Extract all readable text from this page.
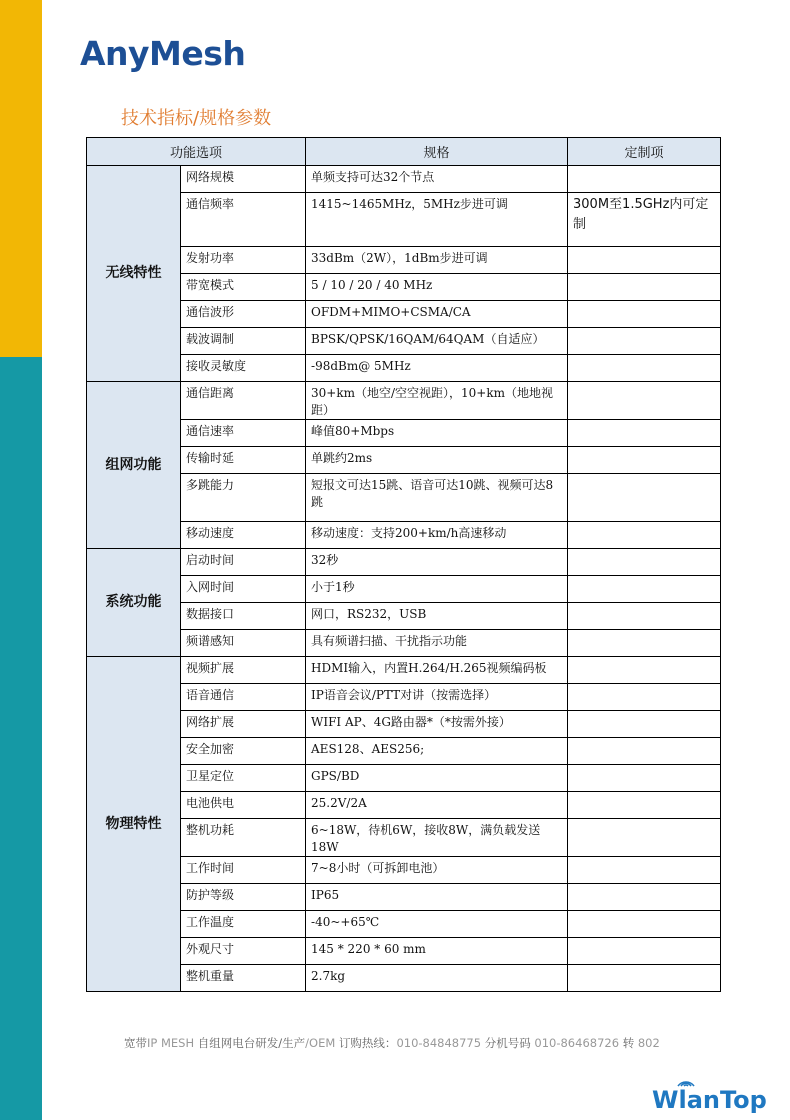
AnyMesh
技术指标/规格参数
功能选项		规格	定制项
无线特性	网络规模	单频支持可达32个节点	
	通信频率	1415~1465MHz，5MHz步进可调	300M至1.5GHz内可定制
	发射功率	33dBm（2W），1dBm步进可调	
	带宽模式	5 / 10 / 20 / 40 MHz	
	通信波形	OFDM+MIMO+CSMA/CA	
	载波调制	BPSK/QPSK/16QAM/64QAM（自适应）	
	接收灵敏度	-98dBm@ 5MHz	
组网功能	通信距离	30+km（地空/空空视距），10+km（地地视距）	
	通信速率	峰值80+Mbps	
	传输时延	单跳约2ms	
	多跳能力	短报文可达15跳、语音可达10跳、视频可达8跳	
	移动速度	移动速度：支持200+km/h高速移动	
系统功能	启动时间	32秒	
	入网时间	小于1秒	
	数据接口	网口，RS232，USB	
	频谱感知	具有频谱扫描、干扰指示功能	
物理特性	视频扩展	HDMI输入，内置H.264/H.265视频编码板	
	语音通信	IP语音会议/PTT对讲（按需选择）	
	网络扩展	WIFI AP、4G路由器*（*按需外接）	
	安全加密	AES128、AES256;	
	卫星定位	GPS/BD	
	电池供电	25.2V/2A	
	整机功耗	6~18W，待机6W，接收8W，满负载发送18W	
	工作时间	7~8小时（可拆卸电池）	
	防护等级	IP65	
	工作温度	-40~+65℃	
	外观尺寸	145 * 220 * 60 mm	
	整机重量	2.7kg	
宽带IP MESH 自组网电台研发/生产/OEM 订购热线：010-84848775 分机号码 010-86468726 转 802
WlanTop
